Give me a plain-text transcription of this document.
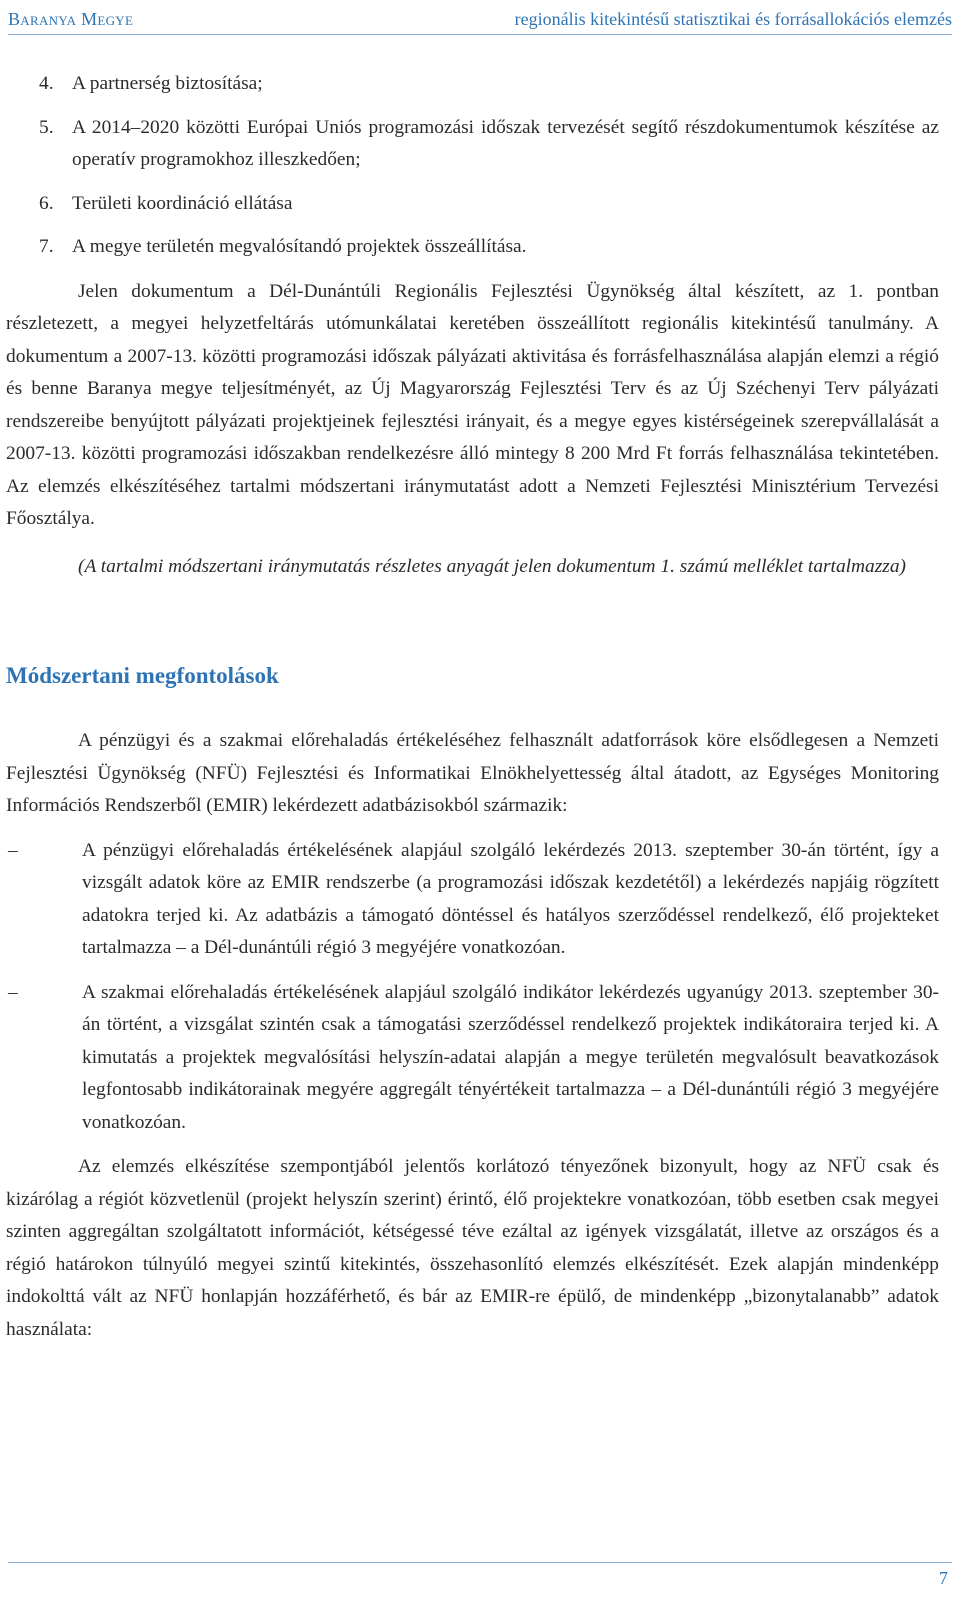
Baranya Megye	regionális kitekintésű statisztikai és forrásallokációs elemzés
4. A partnerség biztosítása;
5. A 2014–2020 közötti Európai Uniós programozási időszak tervezését segítő részdokumentumok készítése az operatív programokhoz illeszkedően;
6. Területi koordináció ellátása
7. A megye területén megvalósítandó projektek összeállítása.

Jelen dokumentum a Dél-Dunántúli Regionális Fejlesztési Ügynökség által készített, az 1. pontban részletezett, a megyei helyzetfeltárás utómunkálatai keretében összeállított regionális kitekintésű tanulmány. A dokumentum a 2007-13. közötti programozási időszak pályázati aktivitása és forrásfelhasználása alapján elemzi a régió és benne Baranya megye teljesítményét, az Új Magyarország Fejlesztési Terv és az Új Széchenyi Terv pályázati rendszereibe benyújtott pályázati projektjeinek fejlesztési irányait, és a megye egyes kistérségeinek szerepvállalását a 2007-13. közötti programozási időszakban rendelkezésre álló mintegy 8 200 Mrd Ft forrás felhasználása tekintetében. Az elemzés elkészítéséhez tartalmi módszertani iránymutatást adott a Nemzeti Fejlesztési Minisztérium Tervezési Főosztálya.

(A tartalmi módszertani iránymutatás részletes anyagát jelen dokumentum 1. számú melléklet tartalmazza)

Módszertani megfontolások

A pénzügyi és a szakmai előrehaladás értékeléséhez felhasznált adatforrások köre elsődlegesen a Nemzeti Fejlesztési Ügynökség (NFÜ) Fejlesztési és Informatikai Elnökhelyettesség által átadott, az Egységes Monitoring Információs Rendszerből (EMIR) lekérdezett adatbázisokból származik:

–	A pénzügyi előrehaladás értékelésének alapjául szolgáló lekérdezés 2013. szeptember 30-án történt, így a vizsgált adatok köre az EMIR rendszerbe (a programozási időszak kezdetétől) a lekérdezés napjáig rögzített adatokra terjed ki. Az adatbázis a támogató döntéssel és hatályos szerződéssel rendelkező, élő projekteket tartalmazza – a Dél-dunántúli régió 3 megyéjére vonatkozóan.
–	A szakmai előrehaladás értékelésének alapjául szolgáló indikátor lekérdezés ugyanúgy 2013. szeptember 30-án történt, a vizsgálat szintén csak a támogatási szerződéssel rendelkező projektek indikátoraira terjed ki. A kimutatás a projektek megvalósítási helyszín-adatai alapján a megye területén megvalósult beavatkozások legfontosabb indikátorainak megyére aggregált tényértékeit tartalmazza – a Dél-dunántúli régió 3 megyéjére vonatkozóan.

Az elemzés elkészítése szempontjából jelentős korlátozó tényezőnek bizonyult, hogy az NFÜ csak és kizárólag a régiót közvetlenül (projekt helyszín szerint) érintő, élő projektekre vonatkozóan, több esetben csak megyei szinten aggregáltan szolgáltatott információt, kétségessé téve ezáltal az igények vizsgálatát, illetve az országos és a régió határokon túlnyúló megyei szintű kitekintés, összehasonlító elemzés elkészítését. Ezek alapján mindenképp indokolttá vált az NFÜ honlapján hozzáférhető, és bár az EMIR-re épülő, de mindenképp „bizonytalanabb” adatok használata:

7
